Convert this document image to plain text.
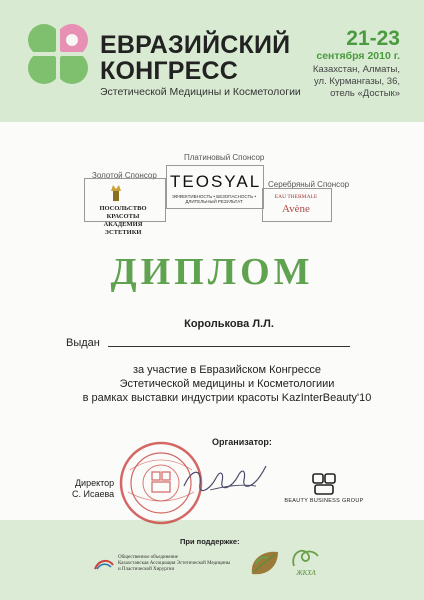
ЕВРАЗИЙСКИЙ
КОНГРЕСС
Эстетической Медицины и Косметологии
21-23
сентября 2010 г.
Казахстан, Алматы,
ул. Курмангазы, 36,
отель «Достык»
Платиновый Спонсор
TEOSYAL
ЭФФЕКТИВНОСТЬ • БЕЗОПАСНОСТЬ • ДЛИТЕЛЬНЫЙ РЕЗУЛЬТАТ
Золотой Спонсор
ПОСОЛЬСТВО КРАСОТЫ
АКАДЕМИЯ ЭСТЕТИКИ
Серебряный Спонсор
EAU THERMALE
Avène
ДИПЛОМ
Выдан
Королькова Л.Л.
за участие в Евразийском Конгрессе
Эстетической медицины и Косметологиии
в рамках выставки индустрии красоты KazInterBeauty'10
Организатор:
Директор
С. Исаева
BEAUTY BUSINESS GROUP
При поддержке:
Общественное объединение
Казахстанская Ассоциация Эстетической Медицины
и Пластической Хирургии	ЖКХА
